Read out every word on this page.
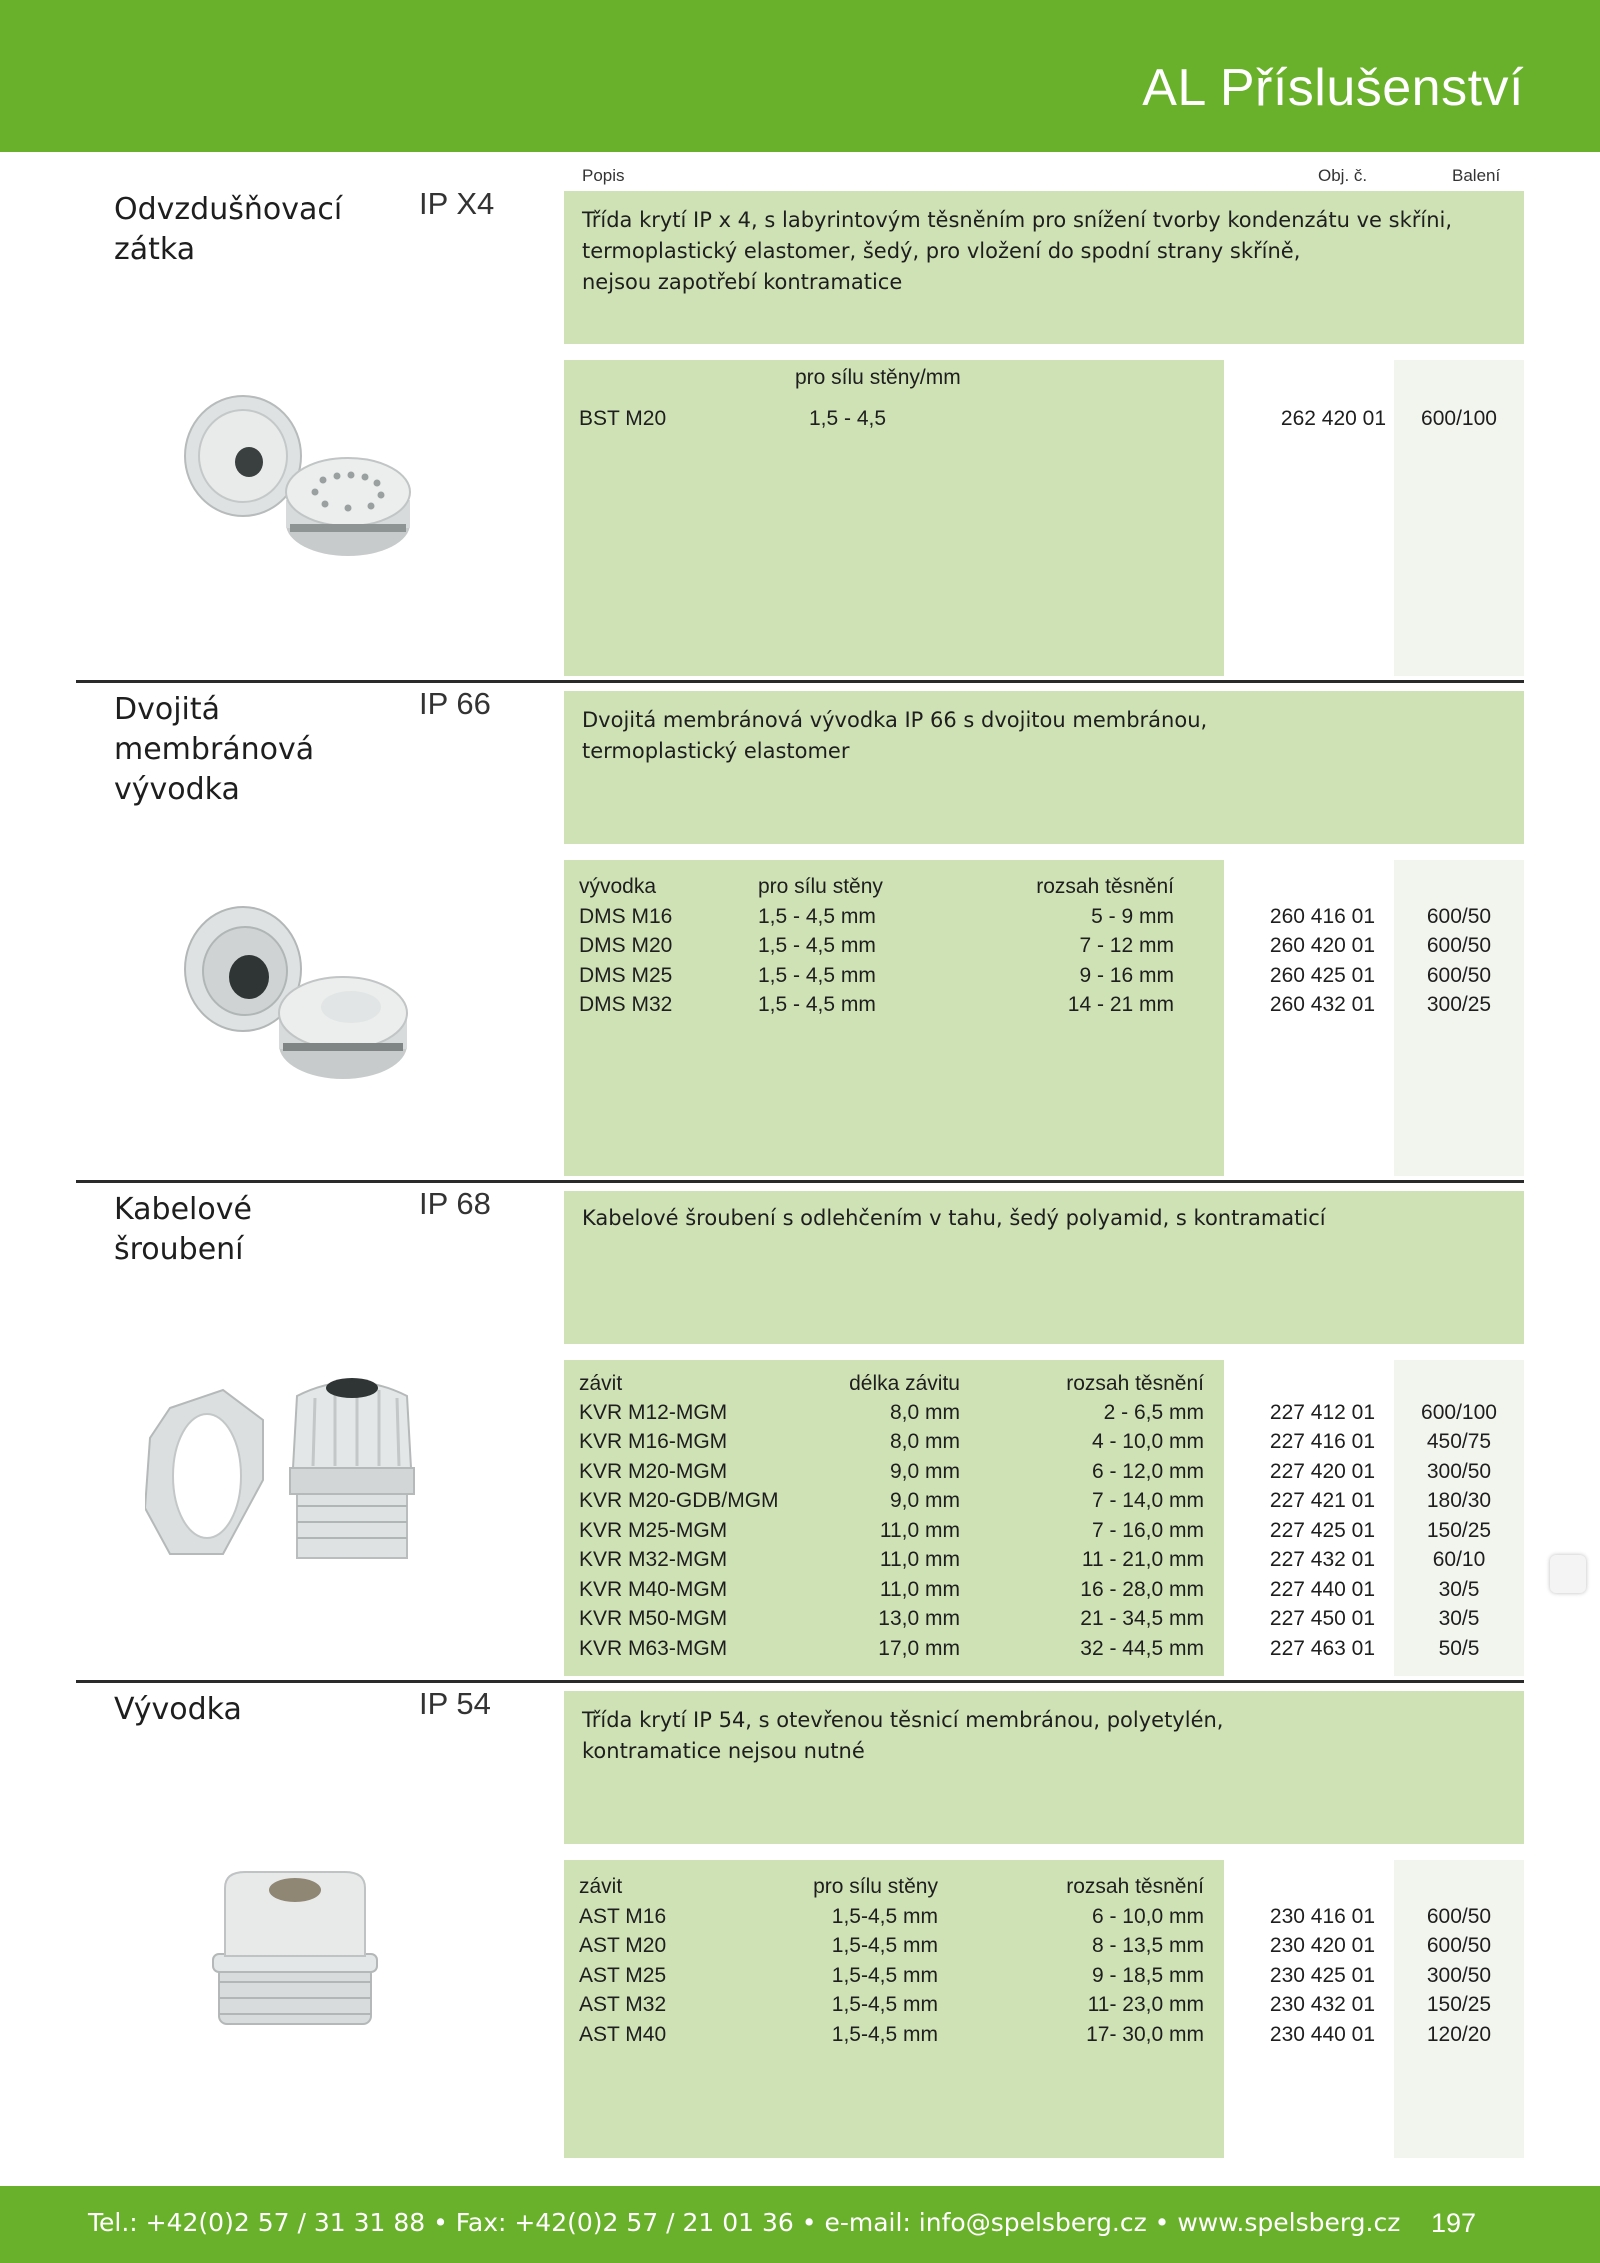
AL Příslušenství
Popis	Obj. č.	Balení
Odvzdušňovací
zátka
IP X4	Třída krytí IP x 4, s labyrintovým těsněním pro snížení tvorby kondenzátu ve skříni,
termoplastický elastomer, šedý, pro vložení do spodní strany skříně,
nejsou zapotřebí kontramatice
pro sílu stěny/mm
BST M20	1,5 - 4,5	262 420 01	600/100
Dvojitá
membránová
vývodka
IP 66	Dvojitá membránová vývodka IP 66 s dvojitou membránou,
termoplastický elastomer
vývodka	pro sílu stěny	rozsah těsnění
DMS M16	1,5 - 4,5 mm	5 - 9 mm	260 416 01	600/50
DMS M20	1,5 - 4,5 mm	7 - 12 mm	260 420 01	600/50
DMS M25	1,5 - 4,5 mm	9 - 16 mm	260 425 01	600/50
DMS M32	1,5 - 4,5 mm	14 - 21 mm	260 432 01	300/25
Kabelové
šroubení
IP 68	Kabelové šroubení s odlehčením v tahu, šedý polyamid, s kontramaticí
závit	délka závitu	rozsah těsnění
KVR M12-MGM	8,0 mm	2 - 6,5 mm	227 412 01	600/100
KVR M16-MGM	8,0 mm	4 - 10,0 mm	227 416 01	450/75
KVR M20-MGM	9,0 mm	6 - 12,0 mm	227 420 01	300/50
KVR M20-GDB/MGM	9,0 mm	7 - 14,0 mm	227 421 01	180/30
KVR M25-MGM	11,0 mm	7 - 16,0 mm	227 425 01	150/25
KVR M32-MGM	11,0 mm	11 - 21,0 mm	227 432 01	60/10
KVR M40-MGM	11,0 mm	16 - 28,0 mm	227 440 01	30/5
KVR M50-MGM	13,0 mm	21 - 34,5 mm	227 450 01	30/5
KVR M63-MGM	17,0 mm	32 - 44,5 mm	227 463 01	50/5
Vývodka	IP 54	Třída krytí IP 54, s otevřenou těsnicí membránou, polyetylén,
kontramatice nejsou nutné
závit	pro sílu stěny	rozsah těsnění
AST M16	1,5-4,5 mm	6 - 10,0 mm	230 416 01	600/50
AST M20	1,5-4,5 mm	8 - 13,5 mm	230 420 01	600/50
AST M25	1,5-4,5 mm	9 - 18,5 mm	230 425 01	300/50
AST M32	1,5-4,5 mm	11- 23,0 mm	230 432 01	150/25
AST M40	1,5-4,5 mm	17- 30,0 mm	230 440 01	120/20
Tel.: +42(0)2 57 / 31 31 88 • Fax: +42(0)2 57 / 21 01 36 • e-mail: info@spelsberg.cz • www.spelsberg.cz 197
